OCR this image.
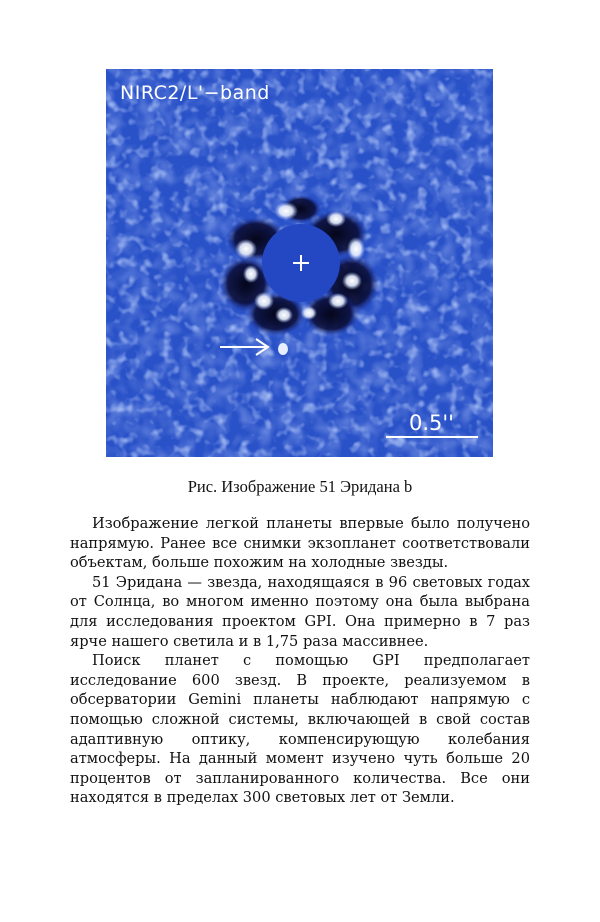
NIRC2/L'−band
0.5''
Рис. Изображение 51 Эридана b

Изображение легкой планеты впервые было получено напрямую. Ранее все снимки экзопланет соответствовали объектам, больше похожим на холодные звезды.

51 Эридана — звезда, находящаяся в 96 световых годах от Солнца, во многом именно поэтому она была выбрана для исследования проектом GPI. Она примерно в 7 раз ярче нашего светила и в 1,75 раза массивнее.

Поиск планет с помощью GPI предполагает исследование 600 звезд. В проекте, реализуемом в обсерватории Gemini планеты наблюдают напрямую с помощью сложной системы, включающей в свой состав адаптивную оптику, компенсирующую колебания атмосферы. На данный момент изучено чуть больше 20 процентов от запланированного количества. Все они находятся в пределах 300 световых лет от Земли.
